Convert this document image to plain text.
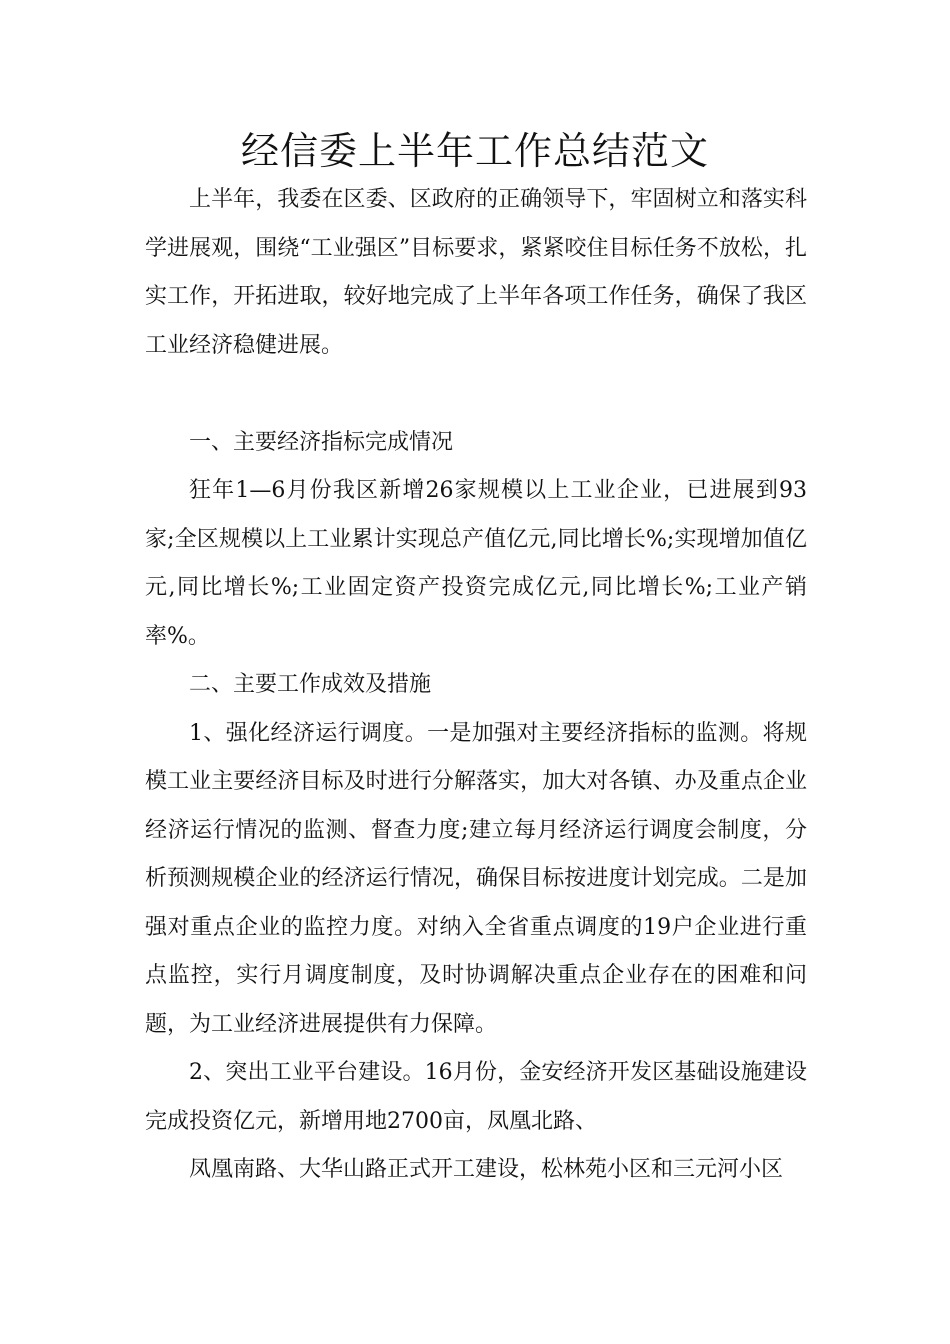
经信委上半年工作总结范文

上半年，我委在区委、区政府的正确领导下，牢固树立和落实科学进展观，围绕“工业强区”目标要求，紧紧咬住目标任务不放松，扎实工作，开拓进取，较好地完成了上半年各项工作任务，确保了我区工业经济稳健进展。

一、主要经济指标完成情况

狂年1—6月份我区新增26家规模以上工业企业，已进展到93家;全区规模以上工业累计实现总产值亿元,同比增长%;实现增加值亿元,同比增长%;工业固定资产投资完成亿元,同比增长%;工业产销率%。

二、主要工作成效及措施

1、强化经济运行调度。一是加强对主要经济指标的监测。将规模工业主要经济目标及时进行分解落实，加大对各镇、办及重点企业经济运行情况的监测、督查力度;建立每月经济运行调度会制度，分析预测规模企业的经济运行情况，确保目标按进度计划完成。二是加强对重点企业的监控力度。对纳入全省重点调度的19户企业进行重点监控，实行月调度制度，及时协调解决重点企业存在的困难和问题，为工业经济进展提供有力保障。

2、突出工业平台建设。16月份，金安经济开发区基础设施建设完成投资亿元，新增用地2700亩，凤凰北路、

凤凰南路、大华山路正式开工建设，松林苑小区和三元河小区
